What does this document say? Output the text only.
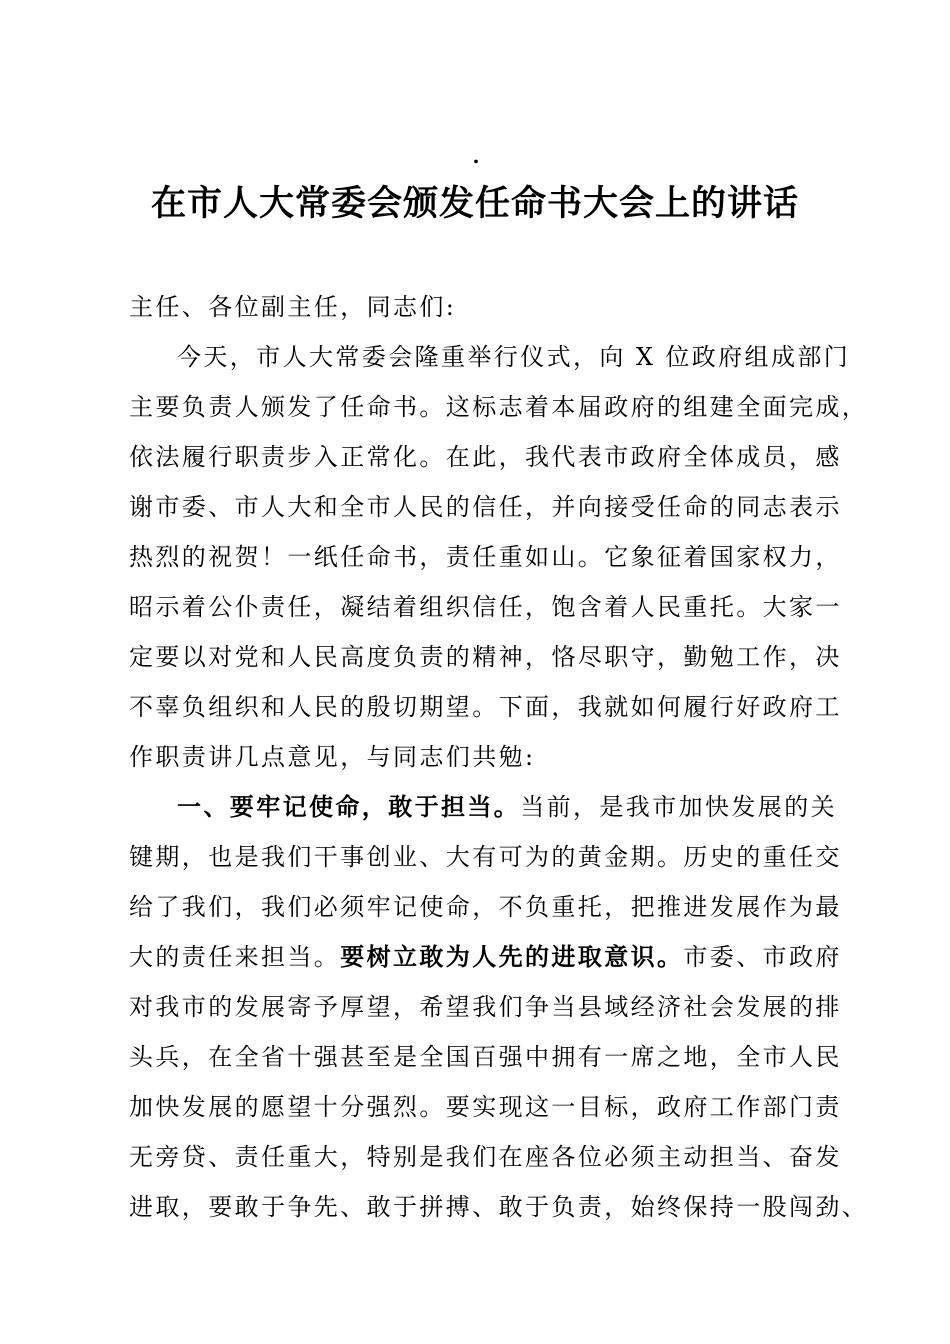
.
在市人大常委会颁发任命书大会上的讲话
主任、各位副主任，同志们:
今天，市人大常委会隆重举行仪式，向 X 位政府组成部门
主要负责人颁发了任命书。这标志着本届政府的组建全面完成，
依法履行职责步入正常化。在此，我代表市政府全体成员，感
谢市委、市人大和全市人民的信任，并向接受任命的同志表示
热烈的祝贺！一纸任命书，责任重如山。它象征着国家权力，
昭示着公仆责任，凝结着组织信任，饱含着人民重托。大家一
定要以对党和人民高度负责的精神，恪尽职守，勤勉工作，决
不辜负组织和人民的殷切期望。下面，我就如何履行好政府工
作职责讲几点意见，与同志们共勉:
一、要牢记使命，敢于担当。当前，是我市加快发展的关
键期，也是我们干事创业、大有可为的黄金期。历史的重任交
给了我们，我们必须牢记使命，不负重托，把推进发展作为最
大的责任来担当。要树立敢为人先的进取意识。市委、市政府
对我市的发展寄予厚望，希望我们争当县域经济社会发展的排
头兵，在全省十强甚至是全国百强中拥有一席之地，全市人民
加快发展的愿望十分强烈。要实现这一目标，政府工作部门责
无旁贷、责任重大，特别是我们在座各位必须主动担当、奋发
进取，要敢于争先、敢于拼搏、敢于负责，始终保持一股闯劲、
